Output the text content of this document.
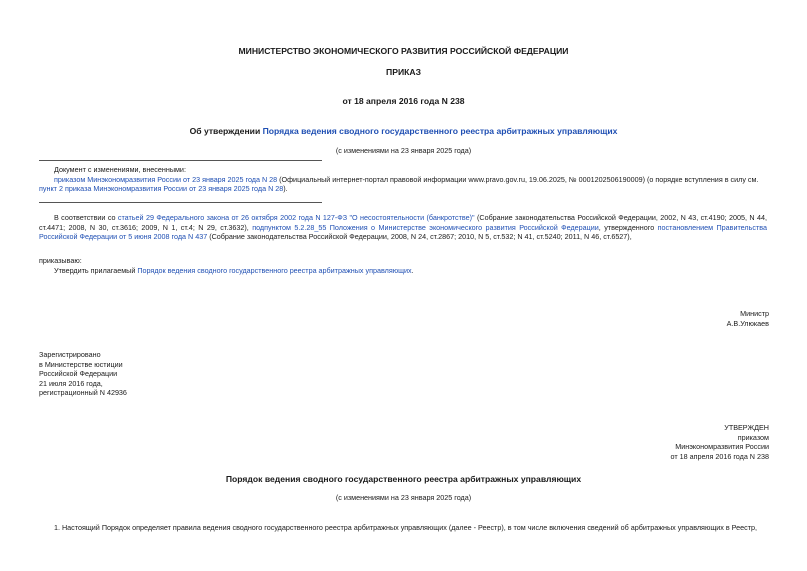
МИНИСТЕРСТВО ЭКОНОМИЧЕСКОГО РАЗВИТИЯ РОССИЙСКОЙ ФЕДЕРАЦИИ
ПРИКАЗ
от 18 апреля 2016 года N 238
Об утверждении Порядка ведения сводного государственного реестра арбитражных управляющих
(с изменениями на 23 января 2025 года)
Документ с изменениями, внесенными:
приказом Минэкономразвития России от 23 января 2025 года N 28 (Официальный интернет-портал правовой информации www.pravo.gov.ru, 19.06.2025, № 0001202506190009) (о порядке вступления в силу см.
пункт 2 приказа Минэкономразвития России от 23 января 2025 года N 28).
В соответствии со статьей 29 Федерального закона от 26 октября 2002 года N 127-ФЗ "О несостоятельности (банкротстве)" (Собрание законодательства Российской Федерации, 2002, N 43, ст.4190; 2005, N 44, ст.4471; 2008, N 30, ст.3616; 2009, N 1, ст.4; N 29, ст.3632), подпунктом 5.2.28_55 Положения о Министерстве экономического развития Российской Федерации, утвержденного постановлением Правительства Российской Федерации от 5 июня 2008 года N 437 (Собрание законодательства Российской Федерации, 2008, N 24, ст.2867; 2010, N 5, ст.532; N 41, ст.5240; 2011, N 46, ст.6527),
приказываю:
Утвердить прилагаемый Порядок ведения сводного государственного реестра арбитражных управляющих.
Министр
А.В.Улюкаев
Зарегистрировано
в Министерстве юстиции
Российской Федерации
21 июля 2016 года,
регистрационный N 42936
УТВЕРЖДЕН
приказом
Минэкономразвития России
от 18 апреля 2016 года N 238
Порядок ведения сводного государственного реестра арбитражных управляющих
(с изменениями на 23 января 2025 года)
1. Настоящий Порядок определяет правила ведения сводного государственного реестра арбитражных управляющих (далее - Реестр), в том числе включения сведений об арбитражных управляющих в Реестр,
